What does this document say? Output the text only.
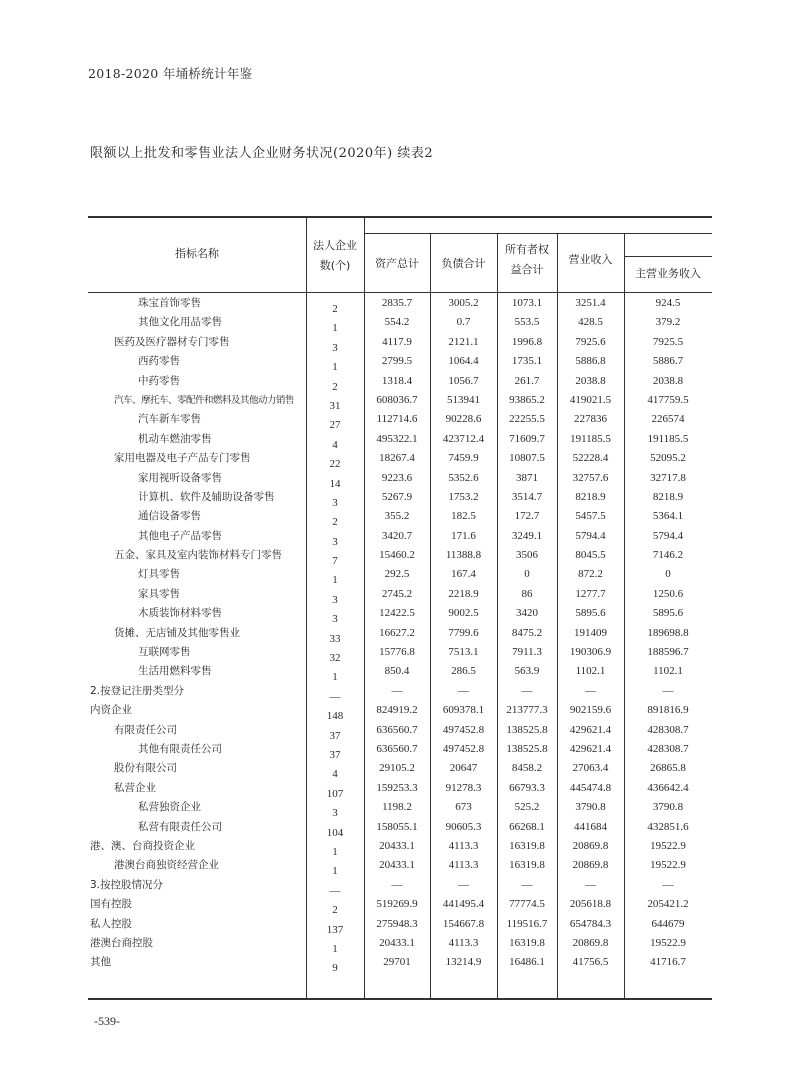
2018-2020 年埇桥统计年鉴
限额以上批发和零售业法人企业财务状况(2020年) 续表2
指标名称
法人企业
数(个)	资产总计	负债合计
所有者权
益合计
营业收入
主营业务收入
珠宝首饰零售	2	2835.7	3005.2	1073.1	3251.4	924.5
其他文化用品零售	1	554.2	0.7	553.5	428.5	379.2
医药及医疗器材专门零售	3	4117.9	2121.1	1996.8	7925.6	7925.5
西药零售	1	2799.5	1064.4	1735.1	5886.8	5886.7
中药零售	2	1318.4	1056.7	261.7	2038.8	2038.8
汽车、摩托车、零配件和燃料及其他动力销售	31	608036.7	513941	93865.2	419021.5	417759.5
汽车新车零售	27	112714.6	90228.6	22255.5	227836	226574
机动车燃油零售	4	495322.1	423712.4	71609.7	191185.5	191185.5
家用电器及电子产品专门零售	22	18267.4	7459.9	10807.5	52228.4	52095.2
家用视听设备零售	14	9223.6	5352.6	3871	32757.6	32717.8
计算机、软件及辅助设备零售	3	5267.9	1753.2	3514.7	8218.9	8218.9
通信设备零售	2	355.2	182.5	172.7	5457.5	5364.1
其他电子产品零售	3	3420.7	171.6	3249.1	5794.4	5794.4
五金、家具及室内装饰材料专门零售	7	15460.2	11388.8	3506	8045.5	7146.2
灯具零售	1	292.5	167.4	0	872.2	0
家具零售	3	2745.2	2218.9	86	1277.7	1250.6
木质装饰材料零售	3	12422.5	9002.5	3420	5895.6	5895.6
货摊、无店铺及其他零售业	33	16627.2	7799.6	8475.2	191409	189698.8
互联网零售	32	15776.8	7513.1	7911.3	190306.9	188596.7
生活用燃料零售	1	850.4	286.5	563.9	1102.1	1102.1
2.按登记注册类型分	—	—	—	—	—	—
内资企业	148	824919.2	609378.1	213777.3	902159.6	891816.9
有限责任公司	37	636560.7	497452.8	138525.8	429621.4	428308.7
其他有限责任公司	37	636560.7	497452.8	138525.8	429621.4	428308.7
股份有限公司	4	29105.2	20647	8458.2	27063.4	26865.8
私营企业	107	159253.3	91278.3	66793.3	445474.8	436642.4
私营独资企业	3	1198.2	673	525.2	3790.8	3790.8
私营有限责任公司	104	158055.1	90605.3	66268.1	441684	432851.6
港、澳、台商投资企业	1	20433.1	4113.3	16319.8	20869.8	19522.9
港澳台商独资经营企业	1	20433.1	4113.3	16319.8	20869.8	19522.9
3.按控股情况分	—	—	—	—	—	—
国有控股	2	519269.9	441495.4	77774.5	205618.8	205421.2
私人控股	137	275948.3	154667.8	119516.7	654784.3	644679
港澳台商控股	1	20433.1	4113.3	16319.8	20869.8	19522.9
其他	9	29701	13214.9	16486.1	41756.5	41716.7
-539-
